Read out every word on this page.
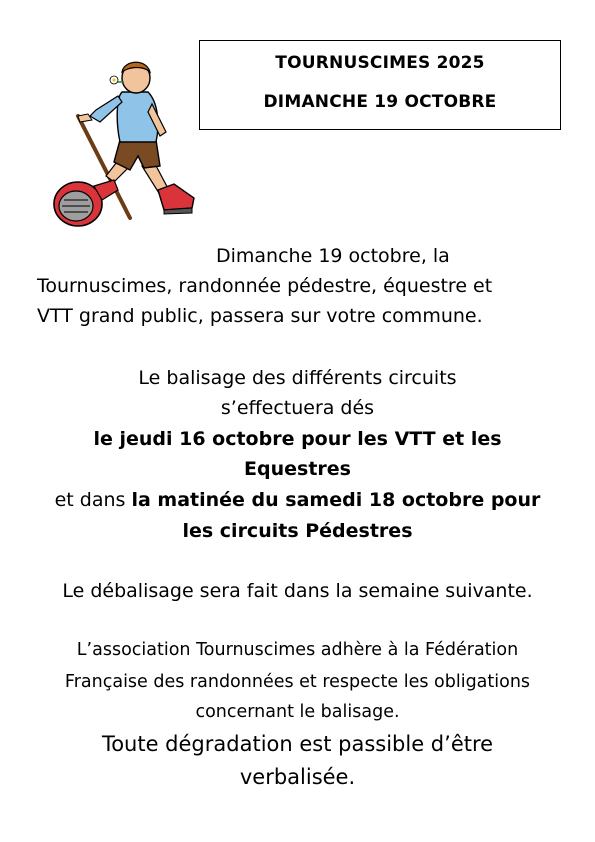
TOURNUSCIMES 2025
DIMANCHE 19 OCTOBRE
Dimanche 19 octobre, la
Tournuscimes, randonnée pédestre, équestre et
VTT grand public, passera sur votre commune.
Le balisage des différents circuits
s’effectuera dés
le jeudi 16 octobre pour les VTT et les
Equestres
et dans la matinée du samedi 18 octobre pour
les circuits Pédestres
Le débalisage sera fait dans la semaine suivante.
L’association Tournuscimes adhère à la Fédération
Française des randonnées et respecte les obligations
concernant le balisage.
Toute dégradation est passible d’être
verbalisée.
